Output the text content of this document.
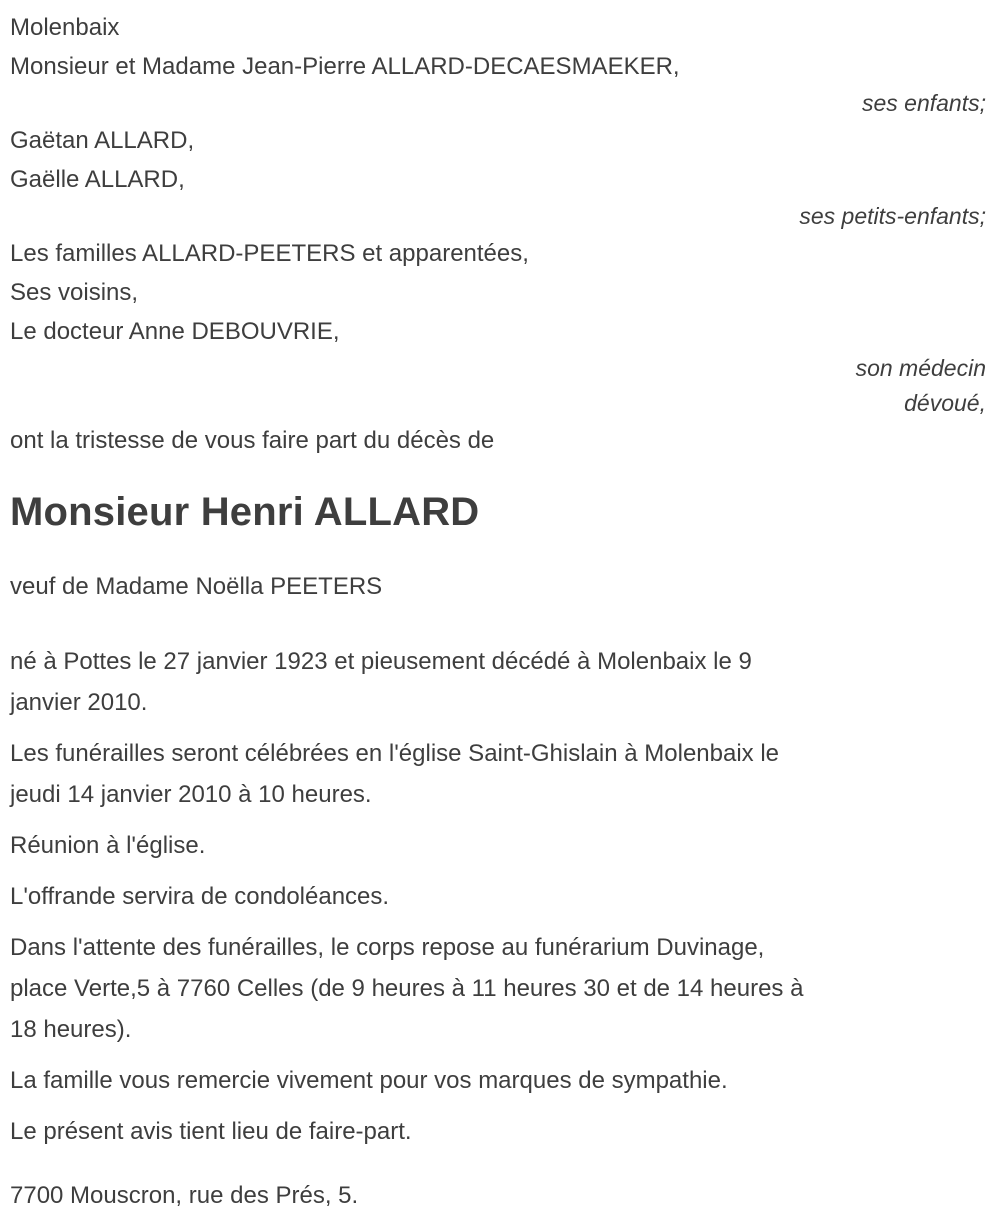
Molenbaix
Monsieur et Madame Jean-Pierre ALLARD-DECAESMAEKER,
ses enfants;
Gaëtan ALLARD,
Gaëlle ALLARD,
ses petits-enfants;
Les familles ALLARD-PEETERS et apparentées,
Ses voisins,
Le docteur Anne DEBOUVRIE,
son médecin
dévoué,
ont la tristesse de vous faire part du décès de
Monsieur Henri ALLARD
veuf de Madame Noëlla PEETERS
né à Pottes le 27 janvier 1923 et pieusement décédé à Molenbaix le 9
janvier 2010.
Les funérailles seront célébrées en l'église Saint-Ghislain à Molenbaix le
jeudi 14 janvier 2010 à 10 heures.
Réunion à l'église.
L'offrande servira de condoléances.
Dans l'attente des funérailles, le corps repose au funérarium Duvinage,
place Verte,5 à 7760 Celles (de 9 heures à 11 heures 30 et de 14 heures à
18 heures).
La famille vous remercie vivement pour vos marques de sympathie.
Le présent avis tient lieu de faire-part.
7700 Mouscron, rue des Prés, 5.
